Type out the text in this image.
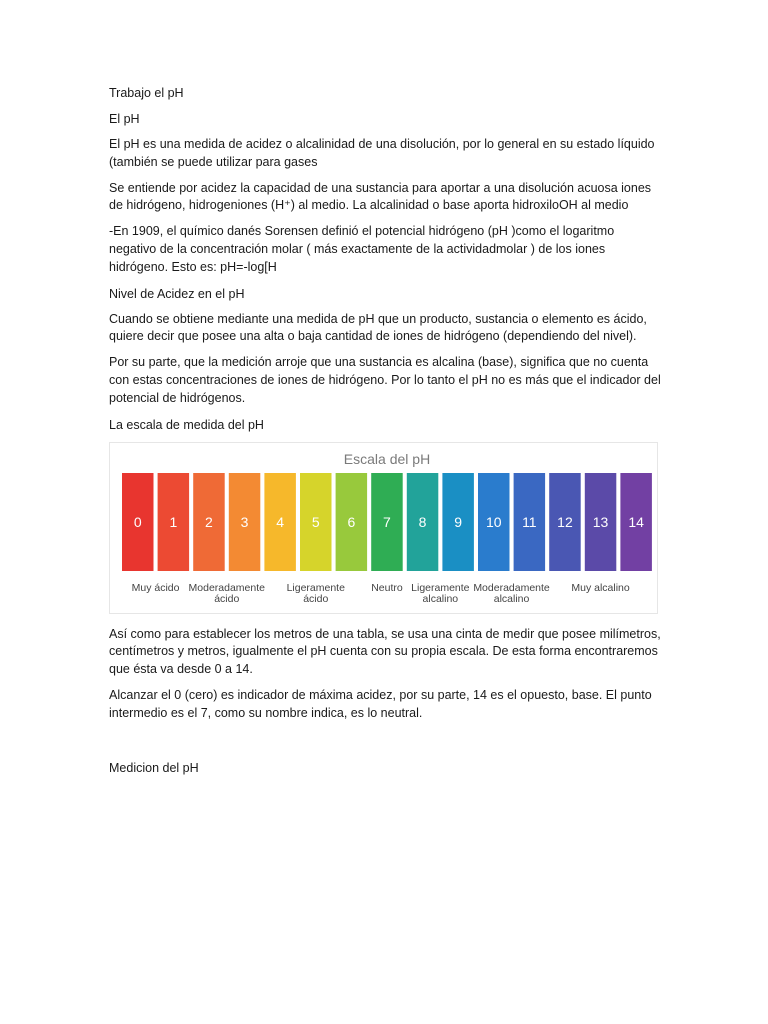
Trabajo el pH

El pH

El pH es una medida de acidez o alcalinidad de una disolución, por lo general en su estado líquido (también se puede utilizar para gases

Se entiende por acidez la capacidad de una sustancia para aportar a una disolución acuosa iones de hidrógeno, hidrogeniones (H⁺) al medio. La alcalinidad o base aporta hidroxiloOH al medio

-En 1909, el químico danés Sorensen definió el potencial hidrógeno (pH )como el logaritmo negativo de la concentración molar ( más exactamente de la actividadmolar ) de los iones hidrógeno. Esto es: pH=-log[H

Nivel de Acidez en el pH

Cuando se obtiene mediante una medida de pH que un producto, sustancia o elemento es ácido, quiere decir que posee una alta o baja cantidad de iones de hidrógeno (dependiendo del nivel).

Por su parte, que la medición arroje que una sustancia es alcalina (base), significa que no cuenta con estas concentraciones de iones de hidrógeno. Por lo tanto el pH no es más que el indicador del potencial de hidrógenos.

La escala de medida del pH

Escala del pH
0 1 2 3 4 5 6 7 8 9 10 11 12 13 14
Muy ácido Moderadamente
ácido
Ligeramente
ácido
Neutro Ligeramente
alcalino
Moderadamente
alcalino
Muy alcalino

Así como para establecer los metros de una tabla, se usa una cinta de medir que posee milímetros, centímetros y metros, igualmente el pH cuenta con su propia escala. De esta forma encontraremos que ésta va desde 0 a 14.

Alcanzar el 0 (cero) es indicador de máxima acidez, por su parte, 14 es el opuesto, base. El punto intermedio es el 7, como su nombre indica, es lo neutral.

Medicion del pH
